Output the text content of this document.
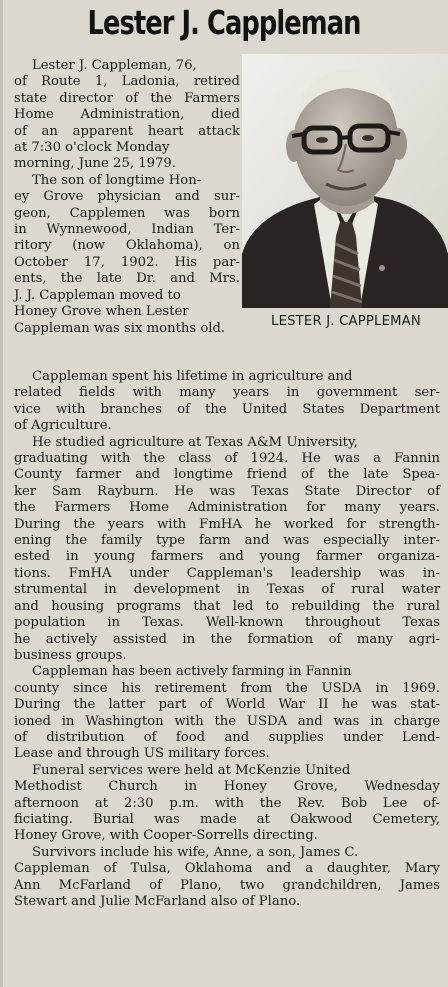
Lester J. Cappleman
LESTER J. CAPPLEMAN
Lester J. Cappleman, 76,
of Route 1, Ladonia, retired
state director of the Farmers
Home Administration, died
of an apparent heart attack
at 7:30 o'clock Monday
morning, June 25, 1979.
The son of longtime Hon-
ey Grove physician and sur-
geon, Capplemen was born
in Wynnewood, Indian Ter-
ritory (now Oklahoma), on
October 17, 1902. His par-
ents, the late Dr. and Mrs.
J. J. Cappleman moved to
Honey Grove when Lester
Cappleman was six months old.
Cappleman spent his lifetime in agriculture and
related fields with many years in government ser-
vice with branches of the United States Department
of Agriculture.
He studied agriculture at Texas A&M University,
graduating with the class of 1924. He was a Fannin
County farmer and longtime friend of the late Spea-
ker Sam Rayburn. He was Texas State Director of
the Farmers Home Administration for many years.
During the years with FmHA he worked for strength-
ening the family type farm and was especially inter-
ested in young farmers and young farmer organiza-
tions. FmHA under Cappleman's leadership was in-
strumental in development in Texas of rural water
and housing programs that led to rebuilding the rural
population in Texas. Well-known throughout Texas
he actively assisted in the formation of many agri-
business groups.
Cappleman has been actively farming in Fannin
county since his retirement from the USDA in 1969.
During the latter part of World War II he was stat-
ioned in Washington with the USDA and was in charge
of distribution of food and supplies under Lend-
Lease and through US military forces.
Funeral services were held at McKenzie United
Methodist Church in Honey Grove, Wednesday
afternoon at 2:30 p.m. with the Rev. Bob Lee of-
ficiating. Burial was made at Oakwood Cemetery,
Honey Grove, with Cooper-Sorrells directing.
Survivors include his wife, Anne, a son, James C.
Cappleman of Tulsa, Oklahoma and a daughter, Mary
Ann McFarland of Plano, two grandchildren, James
Stewart and Julie McFarland also of Plano.
